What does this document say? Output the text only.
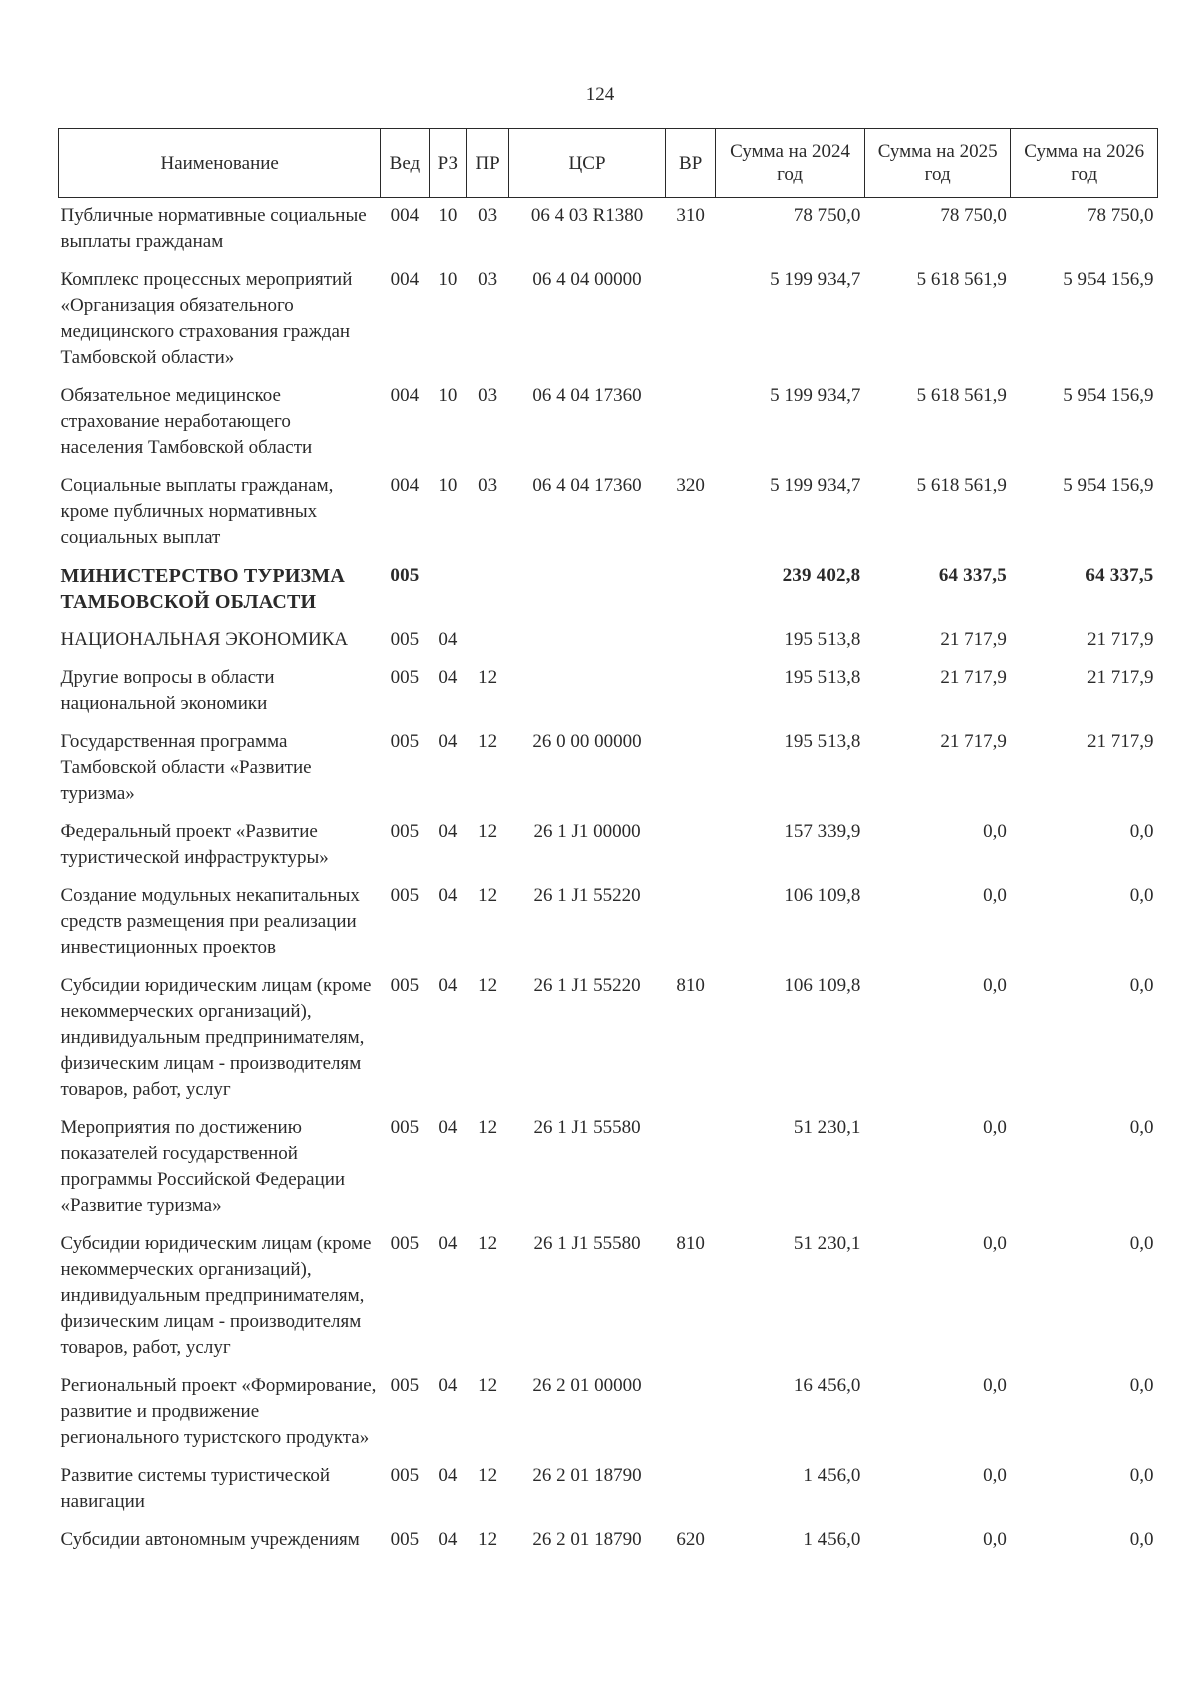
124
Наименование	Вед	РЗ	ПР	ЦСР	ВР	Сумма на 2024 год	Сумма на 2025 год	Сумма на 2026 год
Публичные нормативные социальные выплаты гражданам	004	10	03	06 4 03 R1380	310	78 750,0	78 750,0	78 750,0
Комплекс процессных мероприятий «Организация обязательного медицинского страхования граждан Тамбовской области»	004	10	03	06 4 04 00000		5 199 934,7	5 618 561,9	5 954 156,9
Обязательное медицинское страхование неработающего населения Тамбовской области	004	10	03	06 4 04 17360		5 199 934,7	5 618 561,9	5 954 156,9
Социальные выплаты гражданам, кроме публичных нормативных социальных выплат	004	10	03	06 4 04 17360	320	5 199 934,7	5 618 561,9	5 954 156,9
МИНИСТЕРСТВО ТУРИЗМА ТАМБОВСКОЙ ОБЛАСТИ	005					239 402,8	64 337,5	64 337,5
НАЦИОНАЛЬНАЯ ЭКОНОМИКА	005	04				195 513,8	21 717,9	21 717,9
Другие вопросы в области национальной экономики	005	04	12			195 513,8	21 717,9	21 717,9
Государственная программа Тамбовской области «Развитие туризма»	005	04	12	26 0 00 00000		195 513,8	21 717,9	21 717,9
Федеральный проект «Развитие туристической инфраструктуры»	005	04	12	26 1 J1 00000		157 339,9	0,0	0,0
Создание модульных некапитальных средств размещения при реализации инвестиционных проектов	005	04	12	26 1 J1 55220		106 109,8	0,0	0,0
Субсидии юридическим лицам (кроме некоммерческих организаций), индивидуальным предпринимателям, физическим лицам - производителям товаров, работ, услуг	005	04	12	26 1 J1 55220	810	106 109,8	0,0	0,0
Мероприятия по достижению показателей государственной программы Российской Федерации «Развитие туризма»	005	04	12	26 1 J1 55580		51 230,1	0,0	0,0
Субсидии юридическим лицам (кроме некоммерческих организаций), индивидуальным предпринимателям, физическим лицам - производителям товаров, работ, услуг	005	04	12	26 1 J1 55580	810	51 230,1	0,0	0,0
Региональный проект «Формирование, развитие и продвижение регионального туристского продукта»	005	04	12	26 2 01 00000		16 456,0	0,0	0,0
Развитие системы туристической навигации	005	04	12	26 2 01 18790		1 456,0	0,0	0,0
Субсидии автономным учреждениям	005	04	12	26 2 01 18790	620	1 456,0	0,0	0,0
